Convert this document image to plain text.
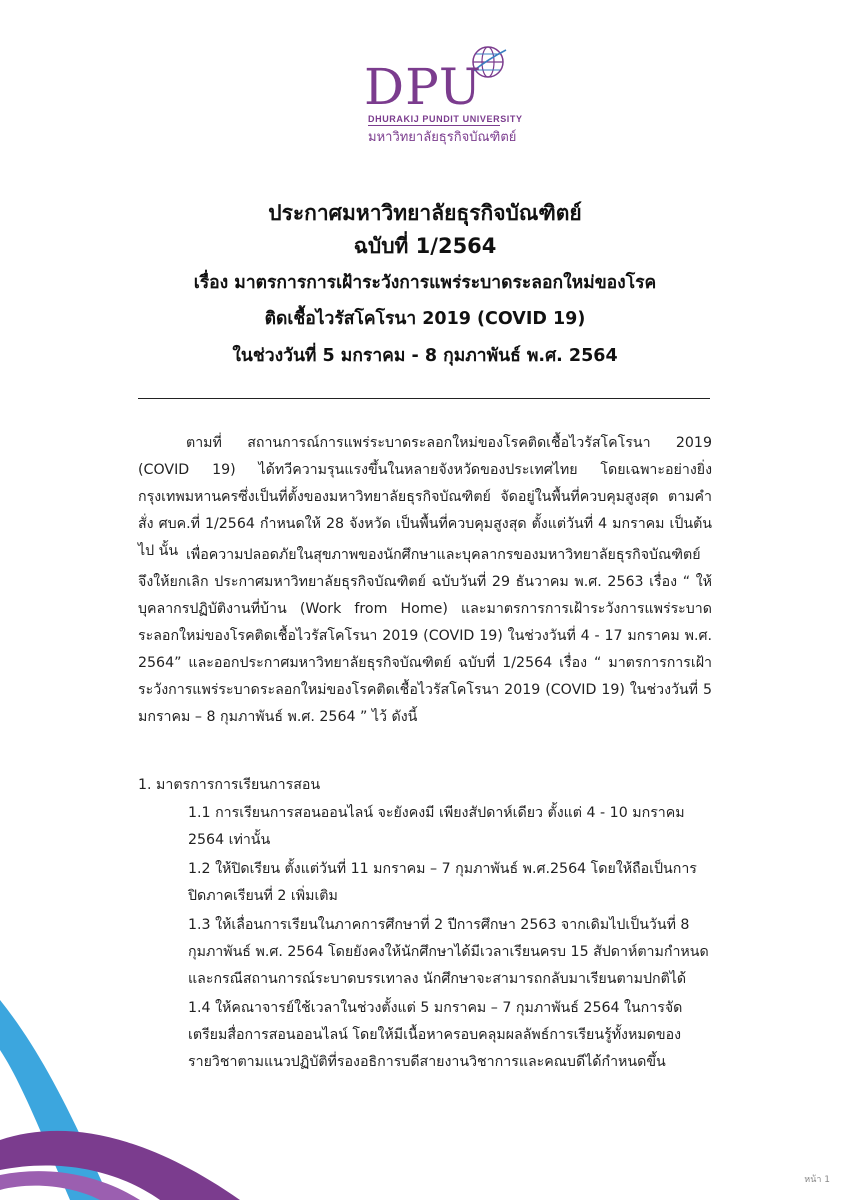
DPU
DHURAKIJ PUNDIT UNIVERSITY
มหาวิทยาลัยธุรกิจบัณฑิตย์
ประกาศมหาวิทยาลัยธุรกิจบัณฑิตย์
ฉบับที่ 1/2564
เรื่อง มาตรการการเฝ้าระวังการแพร่ระบาดระลอกใหม่ของโรค
ติดเชื้อไวรัสโคโรนา 2019 (COVID 19)
ในช่วงวันที่ 5 มกราคม - 8 กุมภาพันธ์ พ.ศ. 2564
ตามที่ สถานการณ์การแพร่ระบาดระลอกใหม่ของโรคติดเชื้อไวรัสโคโรนา 2019 (COVID 19) ได้ทวีความรุนแรงขึ้นในหลายจังหวัดของประเทศไทย โดยเฉพาะอย่างยิ่งกรุงเทพมหานครซึ่งเป็นที่ตั้งของมหาวิทยาลัยธุรกิจบัณฑิตย์ จัดอยู่ในพื้นที่ควบคุมสูงสุด ตามคำสั่ง ศบค.ที่ 1/2564 กำหนดให้ 28 จังหวัด เป็นพื้นที่ควบคุมสูงสุด ตั้งแต่วันที่ 4 มกราคม เป็นต้นไป นั้น เพื่อความปลอดภัยในสุขภาพของนักศึกษาและบุคลากรของมหาวิทยาลัยธุรกิจบัณฑิตย์ จึงให้ยกเลิก ประกาศมหาวิทยาลัยธุรกิจบัณฑิตย์ ฉบับวันที่ 29 ธันวาคม พ.ศ. 2563 เรื่อง “ ให้บุคลากรปฏิบัติงานที่บ้าน (Work from Home) และมาตรการการเฝ้าระวังการแพร่ระบาดระลอกใหม่ของโรคติดเชื้อไวรัสโคโรนา 2019 (COVID 19) ในช่วงวันที่ 4 - 17 มกราคม พ.ศ. 2564” และออกประกาศมหาวิทยาลัยธุรกิจบัณฑิตย์ ฉบับที่ 1/2564 เรื่อง “ มาตรการการเฝ้าระวังการแพร่ระบาดระลอกใหม่ของโรคติดเชื้อไวรัสโคโรนา 2019 (COVID 19) ในช่วงวันที่ 5 มกราคม – 8 กุมภาพันธ์ พ.ศ. 2564 ” ไว้ ดังนี้
1. มาตรการการเรียนการสอน
1.1 การเรียนการสอนออนไลน์ จะยังคงมี เพียงสัปดาห์เดียว ตั้งแต่ 4 - 10 มกราคม 2564 เท่านั้น
1.2 ให้ปิดเรียน ตั้งแต่วันที่ 11 มกราคม – 7 กุมภาพันธ์ พ.ศ.2564 โดยให้ถือเป็นการปิดภาคเรียนที่ 2 เพิ่มเติม
1.3 ให้เลื่อนการเรียนในภาคการศึกษาที่ 2 ปีการศึกษา 2563 จากเดิมไปเป็นวันที่ 8 กุมภาพันธ์ พ.ศ. 2564 โดยยังคงให้นักศึกษาได้มีเวลาเรียนครบ 15 สัปดาห์ตามกำหนด และกรณีสถานการณ์ระบาดบรรเทาลง นักศึกษาจะสามารถกลับมาเรียนตามปกติได้
1.4 ให้คณาจารย์ใช้เวลาในช่วงตั้งแต่ 5 มกราคม – 7 กุมภาพันธ์ 2564 ในการจัดเตรียมสื่อการสอนออนไลน์ โดยให้มีเนื้อหาครอบคลุมผลลัพธ์การเรียนรู้ทั้งหมดของรายวิชาตามแนวปฏิบัติที่รองอธิการบดีสายงานวิชาการและคณบดีได้กำหนดขึ้น
หน้า 1
